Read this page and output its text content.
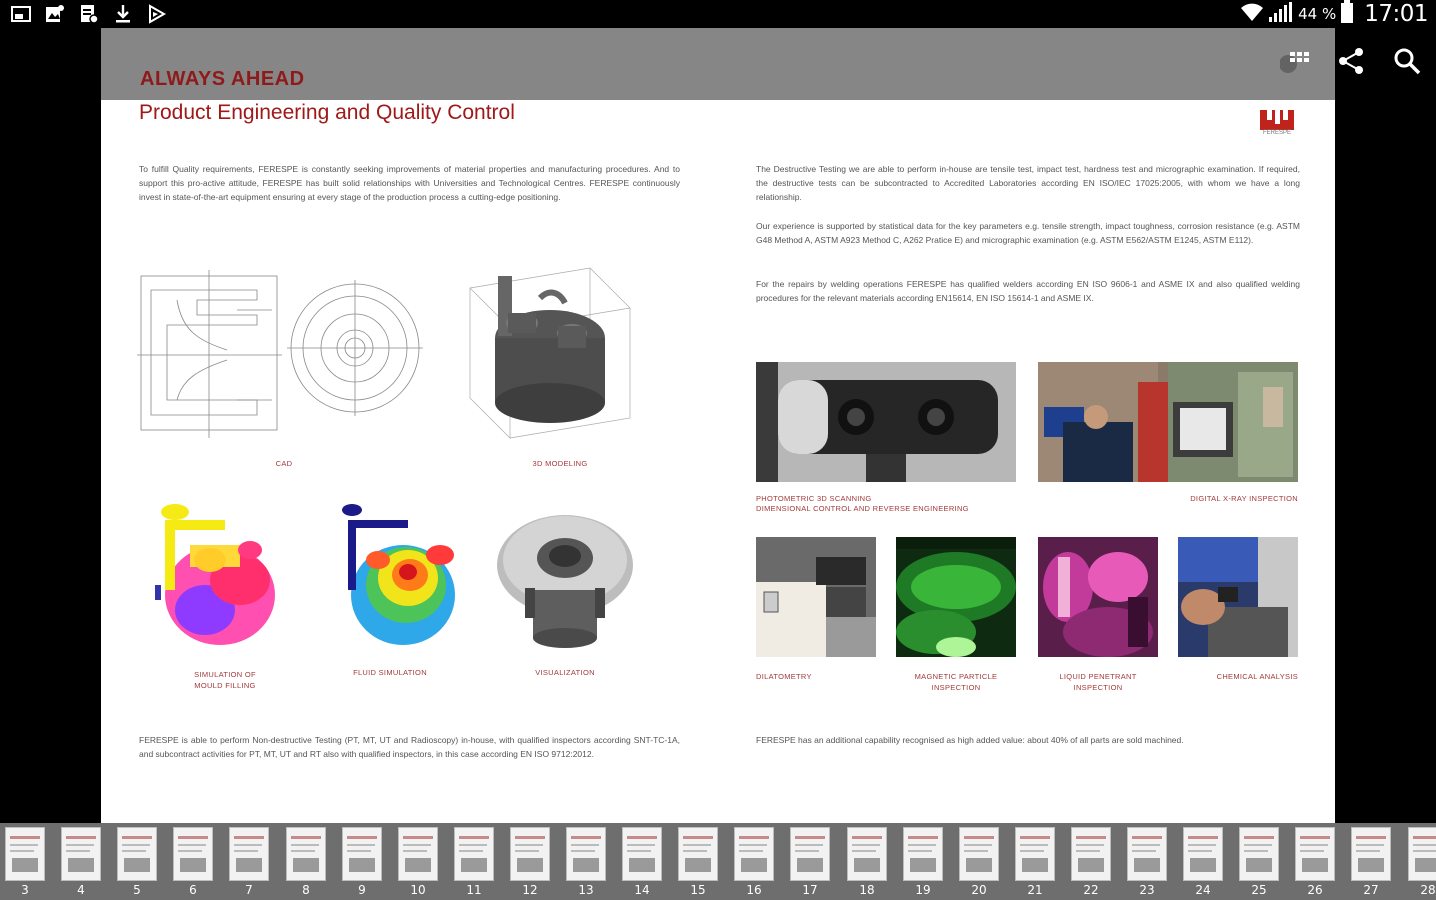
44 % 17:01
To fulfill Quality requirements, FERESPE is constantly seeking improvements of material properties and manufacturing procedures. And to support this pro-active attitude, FERESPE has built solid relationships with Universities and Technological Centres. FERESPE continuously invest in state-of-the-art equipment ensuring at every stage of the production process a cutting-edge positioning.
CAD	3D MODELING
SIMULATION OF
MOULD FILLING
FLUID SIMULATION	VISUALIZATION
FERESPE is able to perform Non-destructive Testing (PT, MT, UT and Radioscopy) in-house, with qualified inspectors according SNT-TC-1A, and subcontract activities for PT, MT, UT and RT also with qualified inspectors, in this case according EN ISO 9712:2012.
The Destructive Testing we are able to perform in-house are tensile test, impact test, hardness test and micrographic examination. If required, the destructive tests can be subcontracted to Accredited Laboratories according EN ISO/IEC 17025:2005, with whom we have a long relationship.
Our experience is supported by statistical data for the key parameters e.g. tensile strength, impact toughness, corrosion resistance (e.g. ASTM G48 Method A, ASTM A923 Method C, A262 Pratice E) and micrographic examination (e.g. ASTM E562/ASTM E1245, ASTM E112).
For the repairs by welding operations FERESPE has qualified welders according EN ISO 9606-1 and ASME IX and also qualified welding procedures for the relevant materials according EN15614, EN ISO 15614-1 and ASME IX.
PHOTOMETRIC 3D SCANNING
DIMENSIONAL CONTROL AND REVERSE ENGINEERING
DIGITAL X-RAY INSPECTION
DILATOMETRY	MAGNETIC PARTICLE
INSPECTION
LIQUID PENETRANT
INSPECTION
CHEMICAL ANALYSIS
FERESPE has an additional capability recognised as high added value: about 40% of all parts are sold machined.
ALWAYS AHEAD
Product Engineering and Quality Control
FERESPE
3	4	5	6	7	8	9	10	11	12	13	14	15	16	17	18	19	20	21	22	23	24	25	26	27	28
